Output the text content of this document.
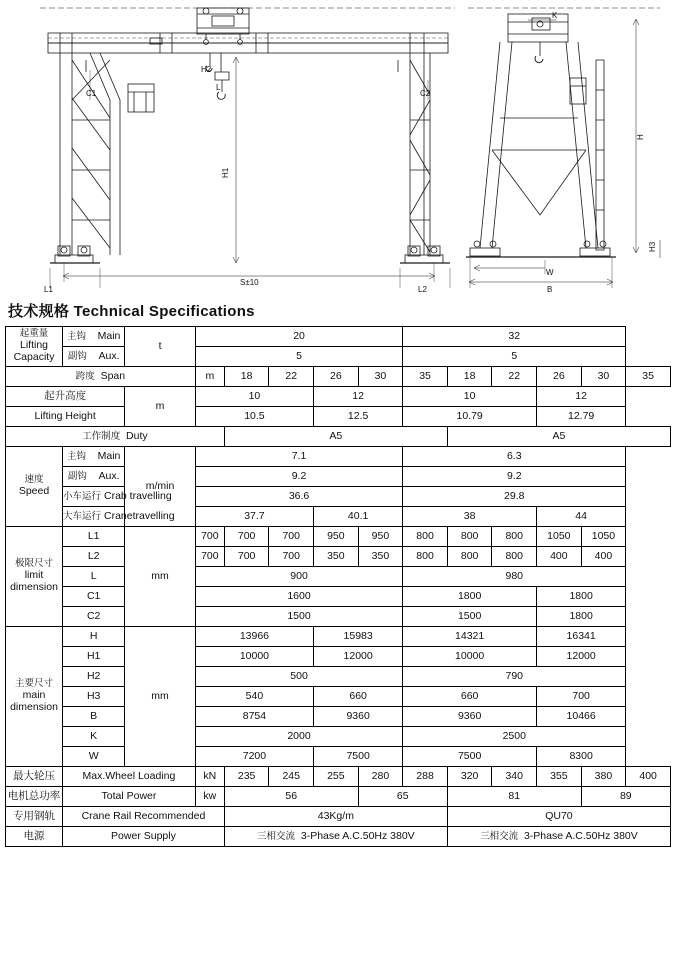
H2
L
C1	C2
H1
L1	L2
S±10
H
H3
W
B
K
技术规格 Technical Specifications
起重量
Lifting Capacity	主钩 Main	t	20					32					
	副钩 Aux.		5					5					
跨度 Span			m	18	22	26	30	35	18	22	26	30	35
起升高度		m	10			12		10			12		
Lifting Height			10.5			12.5		10.79			12.79		
工作制度 Duty				A5					A5				

速度
Speed	主钩 Main	m/min	7.1					6.3					
	副钩 Aux.		9.2					9.2					
	小车运行 Crab travelling		36.6					29.8					
	大车运行 Cranetravelling		37.7			40.1		38			44		

极限尺寸
limit
dimension	L1	mm	700	700	700	950	950	800	800	800	1050	1050	
	L2		700	700	700	350	350	800	800	800	400	400	
	L		900					980					
	C1		1600					1800			1800		
	C2		1500					1500			1800		

主要尺寸
main
dimension	H	mm	13966			15983		14321			16341		
	H1		10000			12000		10000			12000		
	H2		500					790					
	H3		540			660		660			700		
	B		8754			9360		9360			10466		
	K		2000					2500					
	W		7200			7500		7500			8300		
最大轮压	Max.Wheel Loading		kN	235	245	255	280	288	320	340	355	380	400
电机总功率	Total Power		kw	56			65		81			89	
专用钢轨	Crane Rail Recommended			43Kg/m					QU70				
电源	Power Supply			三相交流 3-Phase A.C.50Hz 380V					三相交流 3-Phase A.C.50Hz 380V				
